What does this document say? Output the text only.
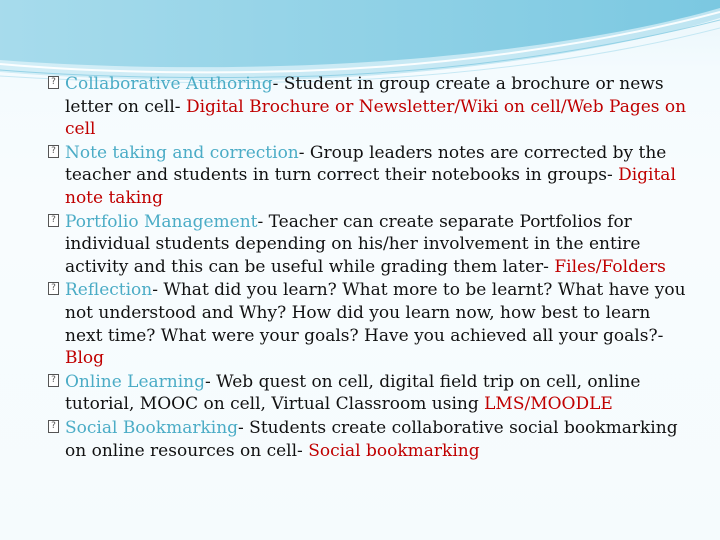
? Collaborative Authoring- Student in group create a brochure or news letter on cell- Digital Brochure or Newsletter/Wiki on cell/Web Pages on cell
? Note taking and correction- Group leaders notes are corrected by the teacher and students in turn correct their notebooks in groups- Digital note taking
? Portfolio Management- Teacher can create separate Portfolios for individual students depending on his/her involvement in the entire activity and this can be useful while grading them later- Files/Folders
? Reflection- What did you learn? What more to be learnt? What have you not understood and Why? How did you learn now, how best to learn next time? What were your goals? Have you achieved all your goals?- Blog
? Online Learning- Web quest on cell, digital field trip on cell, online tutorial, MOOC on cell, Virtual Classroom using LMS/MOODLE
? Social Bookmarking- Students create collaborative social bookmarking on online resources on cell- Social bookmarking
